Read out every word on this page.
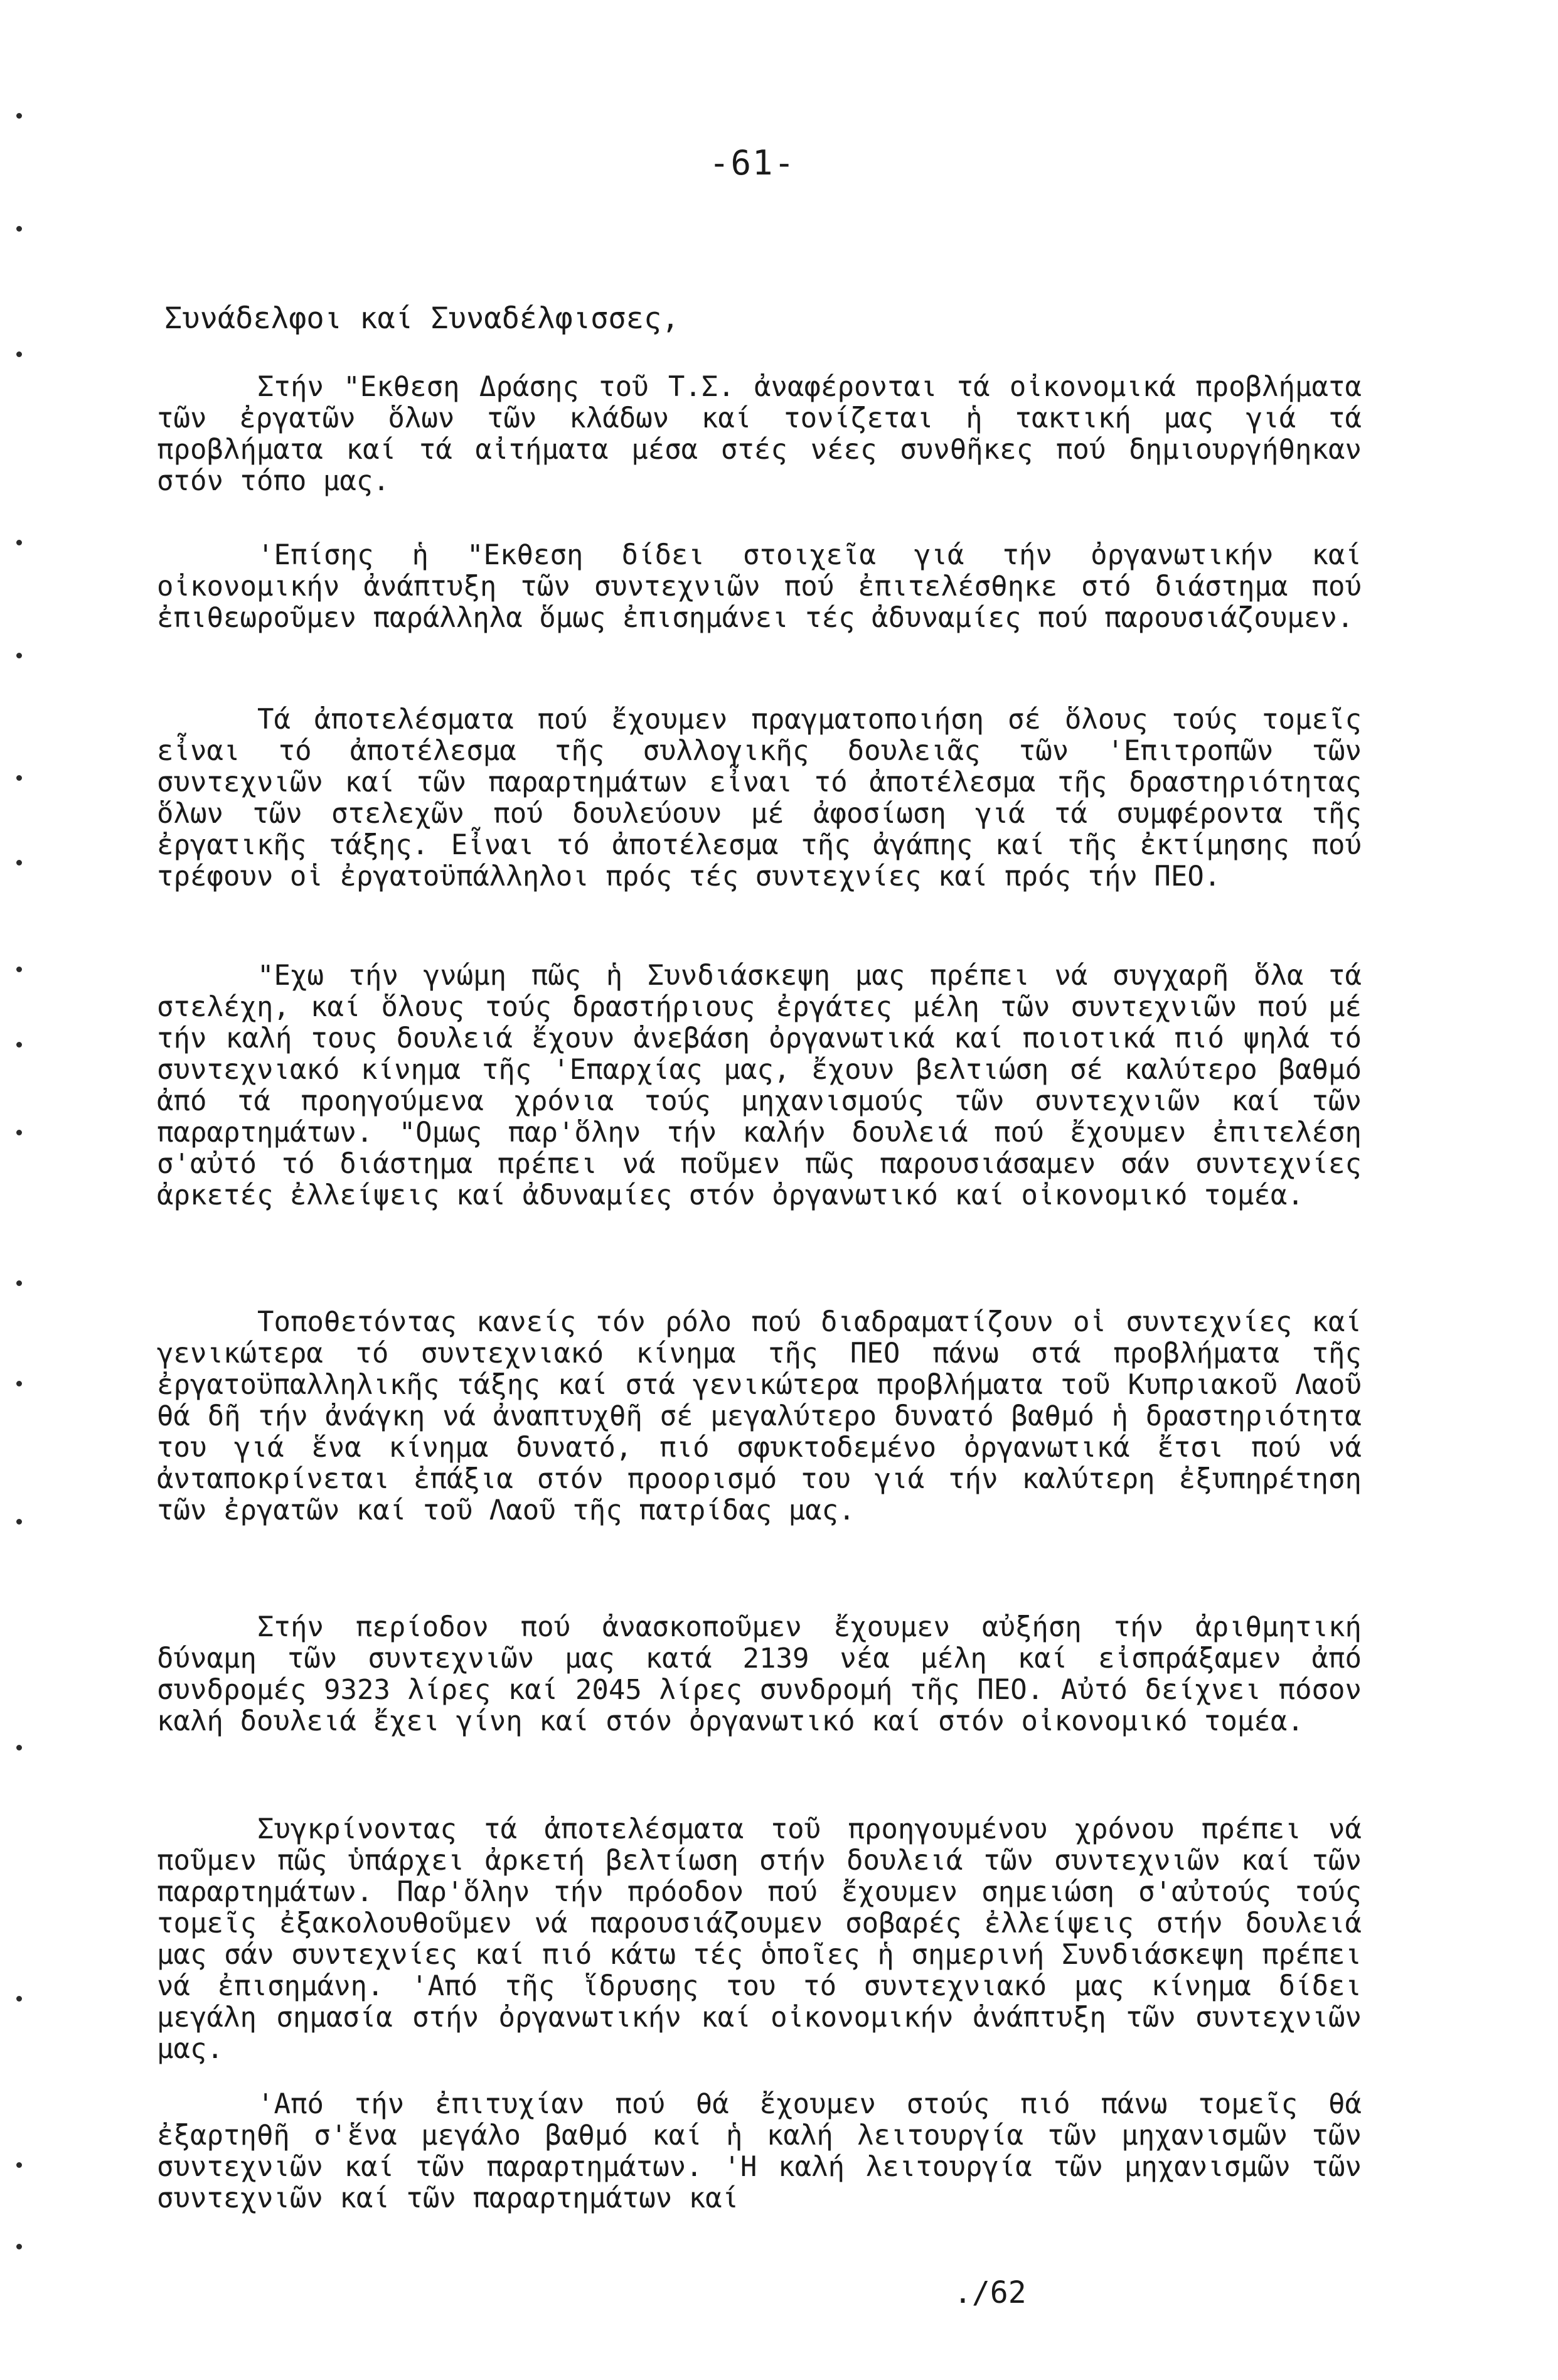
-61-
Συνάδελφοι καί Συναδέλφισσες,

Στήν "Εκθεση Δράσης τοῦ Τ.Σ. ἀναφέρονται τά οἰκονομικά προβλήματα τῶν ἐργατῶν ὅλων τῶν κλάδων καί τονίζεται ἡ τακτική μας γιά τά προβλήματα καί τά αἰτήματα μέσα στές νέες συνθῆκες πού δημιουργήθηκαν στόν τόπο μας.

'Επίσης ἡ "Εκθεση δίδει στοιχεῖα γιά τήν ὀργανωτικήν καί οἰκονομικήν ἀνάπτυξη τῶν συντεχνιῶν πού ἐπιτελέσθηκε στό διάστημα πού ἐπιθεωροῦμεν παράλληλα ὅμως ἐπισημάνει τές ἀδυναμίες πού παρουσιάζουμεν.

Τά ἀποτελέσματα πού ἔχουμεν πραγματοποιήση σέ ὅλους τούς τομεῖς εἶναι τό ἀποτέλεσμα τῆς συλλογικῆς δουλειᾶς τῶν 'Επιτροπῶν τῶν συντεχνιῶν καί τῶν παραρτημάτων εἶναι τό ἀποτέλεσμα τῆς δραστηριότητας ὅλων τῶν στελεχῶν πού δουλεύουν μέ ἀφοσίωση γιά τά συμφέροντα τῆς ἐργατικῆς τάξης. Εἶναι τό ἀποτέλεσμα τῆς ἀγάπης καί τῆς ἐκτίμησης πού τρέφουν οἱ ἐργατοϋπάλληλοι πρός τές συντεχνίες καί πρός τήν ΠΕΟ.

"Εχω τήν γνώμη πῶς ἡ Συνδιάσκεψη μας πρέπει νά συγχαρῆ ὅλα τά στελέχη, καί ὅλους τούς δραστήριους ἐργάτες μέλη τῶν συντεχνιῶν πού μέ τήν καλή τους δουλειά ἔχουν ἀνεβάση ὀργανωτικά καί ποιοτικά πιό ψηλά τό συντεχνιακό κίνημα τῆς 'Επαρχίας μας, ἔχουν βελτιώση σέ καλύτερο βαθμό ἀπό τά προηγούμενα χρόνια τούς μηχανισμούς τῶν συντεχνιῶν καί τῶν παραρτημάτων. "Ομως παρ'ὅλην τήν καλήν δουλειά πού ἔχουμεν ἐπιτελέση σ'αὐτό τό διάστημα πρέπει νά ποῦμεν πῶς παρουσιάσαμεν σάν συντεχνίες ἀρκετές ἐλλείψεις καί ἀδυναμίες στόν ὀργανωτικό καί οἰκονομικό τομέα.

Τοποθετόντας κανείς τόν ρόλο πού διαδραματίζουν οἱ συντεχνίες καί γενικώτερα τό συντεχνιακό κίνημα τῆς ΠΕΟ πάνω στά προβλήματα τῆς ἐργατοϋπαλληλικῆς τάξης καί στά γενικώτερα προβλήματα τοῦ Κυπριακοῦ Λαοῦ θά δῆ τήν ἀνάγκη νά ἀναπτυχθῆ σέ μεγαλύτερο δυνατό βαθμό ἡ δραστηριότητα του γιά ἕνα κίνημα δυνατό, πιό σφυκτοδεμένο ὀργανωτικά ἔτσι πού νά ἀνταποκρίνεται ἐπάξια στόν προορισμό του γιά τήν καλύτερη ἐξυπηρέτηση τῶν ἐργατῶν καί τοῦ Λαοῦ τῆς πατρίδας μας.

Στήν περίοδον πού ἀνασκοποῦμεν ἔχουμεν αὐξήση τήν ἀριθμητική δύναμη τῶν συντεχνιῶν μας κατά 2139 νέα μέλη καί εἰσπράξαμεν ἀπό συνδρομές 9323 λίρες καί 2045 λίρες συνδρομή τῆς ΠΕΟ. Αὐτό δείχνει πόσον καλή δουλειά ἔχει γίνη καί στόν ὀργανωτικό καί στόν οἰκονομικό τομέα.

Συγκρίνοντας τά ἀποτελέσματα τοῦ προηγουμένου χρόνου πρέπει νά ποῦμεν πῶς ὑπάρχει ἀρκετή βελτίωση στήν δουλειά τῶν συντεχνιῶν καί τῶν παραρτημάτων. Παρ'ὅλην τήν πρόοδον πού ἔχουμεν σημειώση σ'αὐτούς τούς τομεῖς ἐξακολουθοῦμεν νά παρουσιάζουμεν σοβαρές ἐλλείψεις στήν δουλειά μας σάν συντεχνίες καί πιό κάτω τές ὁποῖες ἡ σημερινή Συνδιάσκεψη πρέπει νά ἐπισημάνη. 'Από τῆς ἵδρυσης του τό συντεχνιακό μας κίνημα δίδει μεγάλη σημασία στήν ὀργανωτικήν καί οἰκονομικήν ἀνάπτυξη τῶν συντεχνιῶν μας.

'Από τήν ἐπιτυχίαν πού θά ἔχουμεν στούς πιό πάνω τομεῖς θά ἐξαρτηθῆ σ'ἕνα μεγάλο βαθμό καί ἡ καλή λειτουργία τῶν μηχανισμῶν τῶν συντεχνιῶν καί τῶν παραρτημάτων. 'Η καλή λειτουργία τῶν μηχανισμῶν τῶν συντεχνιῶν καί τῶν παραρτημάτων καί

./62
